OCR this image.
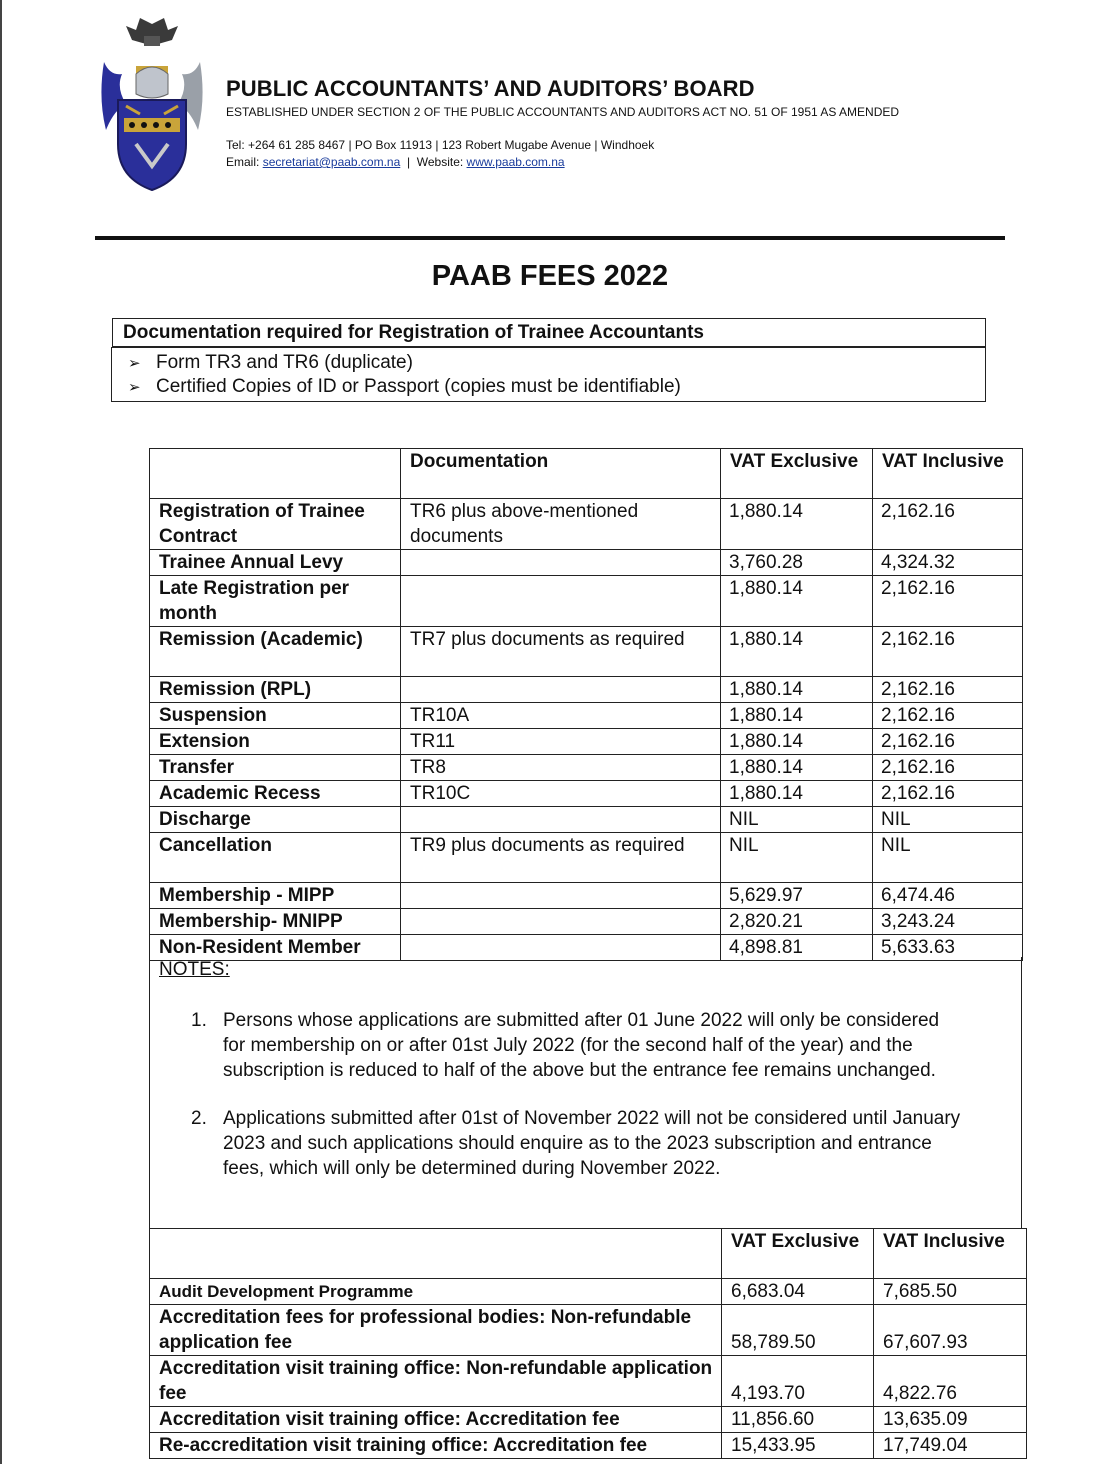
PUBLIC ACCOUNTANTS’ AND AUDITORS’ BOARD
ESTABLISHED UNDER SECTION 2 OF THE PUBLIC ACCOUNTANTS AND AUDITORS ACT NO. 51 OF 1951 AS AMENDED
Tel: +264 61 285 8467 | PO Box 11913 | 123 Robert Mugabe Avenue | Windhoek
Email: secretariat@paab.com.na  |  Website: www.paab.com.na
PAAB FEES 2022
Documentation required for Registration of Trainee Accountants
➢ Form TR3 and TR6 (duplicate)
➢ Certified Copies of ID or Passport (copies must be identifiable)
	Documentation	VAT Exclusive	VAT Inclusive
Registration of Trainee Contract	TR6 plus above-mentioned documents	1,880.14	2,162.16
Trainee Annual Levy		3,760.28	4,324.32
Late Registration per month		1,880.14	2,162.16
Remission (Academic)	TR7 plus documents as required	1,880.14	2,162.16
Remission (RPL)		1,880.14	2,162.16
Suspension	TR10A	1,880.14	2,162.16
Extension	TR11	1,880.14	2,162.16
Transfer	TR8	1,880.14	2,162.16
Academic Recess	TR10C	1,880.14	2,162.16
Discharge		NIL	NIL
Cancellation	TR9 plus documents as required	NIL	NIL
Membership - MIPP		5,629.97	6,474.46
Membership- MNIPP		2,820.21	3,243.24
Non-Resident Member		4,898.81	5,633.63
NOTES:
1. Persons whose applications are submitted after 01 June 2022 will only be considered for membership on or after 01st July 2022 (for the second half of the year) and the subscription is reduced to half of the above but the entrance fee remains unchanged.
2. Applications submitted after 01st of November 2022 will not be considered until January 2023 and such applications should enquire as to the 2023 subscription and entrance fees, which will only be determined during November 2022.
	VAT Exclusive	VAT Inclusive
Audit Development Programme	6,683.04	7,685.50
Accreditation fees for professional bodies: Non-refundable application fee	58,789.50	67,607.93
Accreditation visit training office: Non-refundable application fee	4,193.70	4,822.76
Accreditation visit training office: Accreditation fee	11,856.60	13,635.09
Re-accreditation visit training office: Accreditation fee	15,433.95	17,749.04
